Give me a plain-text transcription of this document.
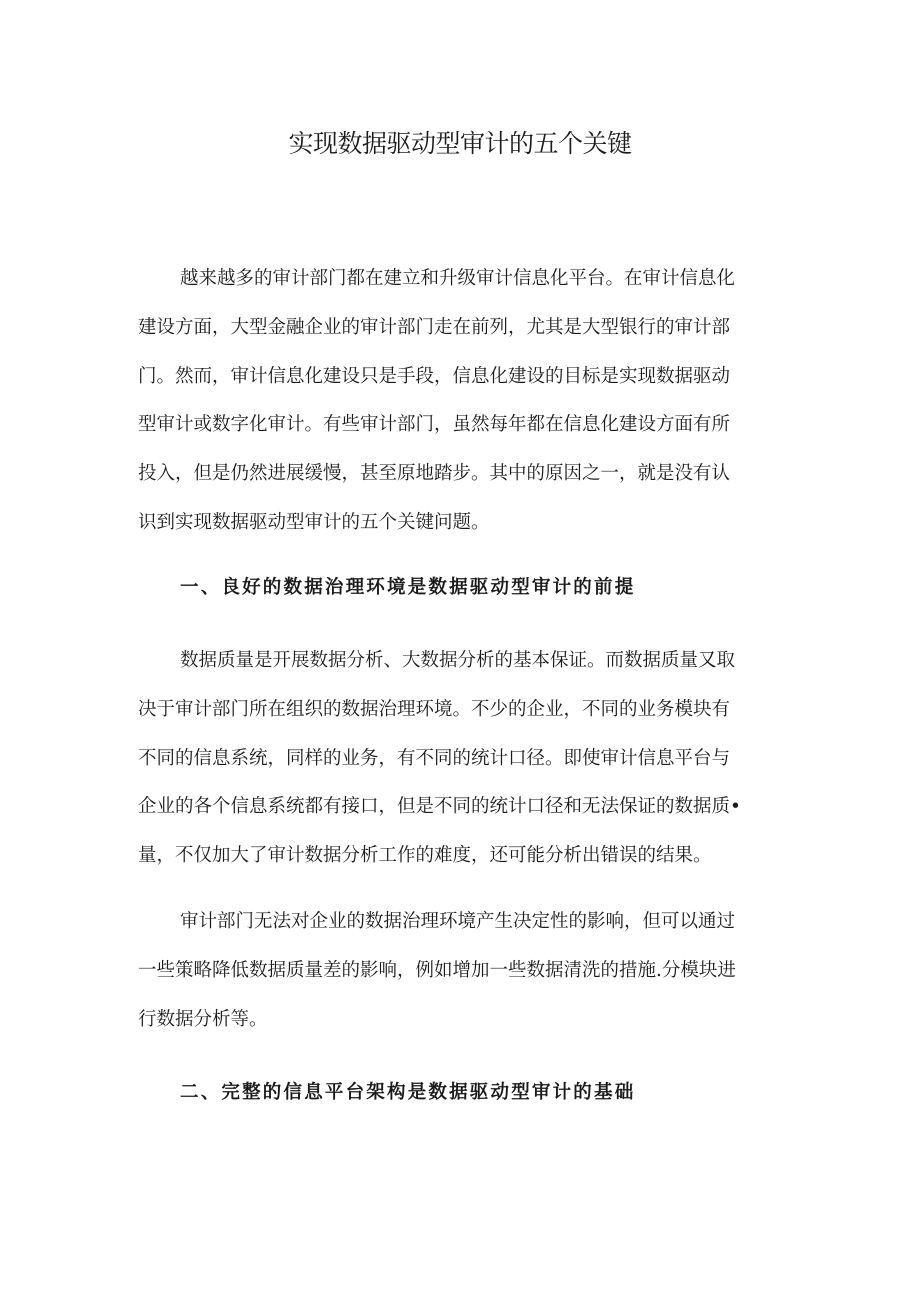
实现数据驱动型审计的五个关键

越来越多的审计部门都在建立和升级审计信息化平台。在审计信息化
建设方面，大型金融企业的审计部门走在前列，尤其是大型银行的审计部
门。然而，审计信息化建设只是手段，信息化建设的目标是实现数据驱动
型审计或数字化审计。有些审计部门，虽然每年都在信息化建设方面有所
投入，但是仍然进展缓慢，甚至原地踏步。其中的原因之一，就是没有认
识到实现数据驱动型审计的五个关键问题。

一、良好的数据治理环境是数据驱动型审计的前提

数据质量是开展数据分析、大数据分析的基本保证。而数据质量又取
决于审计部门所在组织的数据治理环境。不少的企业，不同的业务模块有
不同的信息系统，同样的业务，有不同的统计口径。即使审计信息平台与
企业的各个信息系统都有接口，但是不同的统计口径和无法保证的数据质•
量，不仅加大了审计数据分析工作的难度，还可能分析出错误的结果。

审计部门无法对企业的数据治理环境产生决定性的影响，但可以通过
一些策略降低数据质量差的影响，例如增加一些数据清洗的措施.分模块进
行数据分析等。

二、完整的信息平台架构是数据驱动型审计的基础
